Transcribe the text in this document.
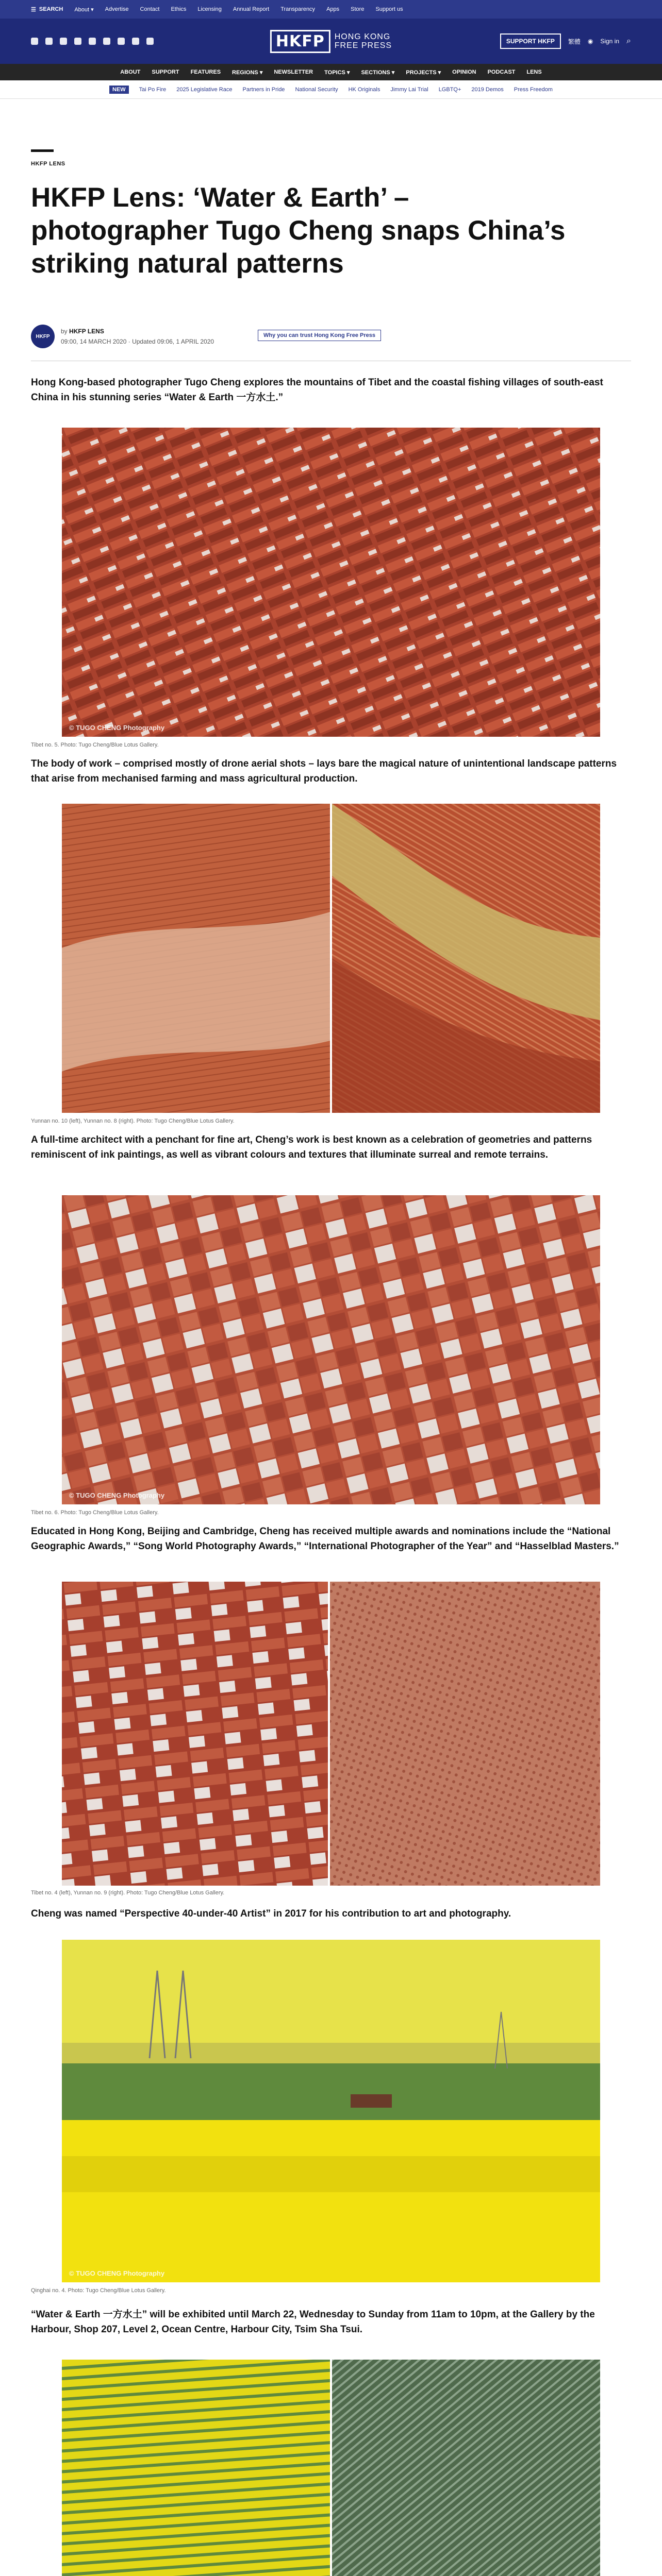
☰ SEARCH About ▾ Advertise Contact Ethics Licensing Annual Report Transparency Apps Store Support us
HKFP	HONG KONG
FREE PRESS	SUPPORT HKFP	繁體 ◉ Sign in ⌕
ABOUT SUPPORT FEATURES REGIONS ▾ NEWSLETTER TOPICS ▾ SECTIONS ▾ PROJECTS ▾ OPINION PODCAST LENS
NEW	Tai Po Fire 2025 Legislative Race Partners in Pride National Security HK Originals Jimmy Lai Trial LGBTQ+ 2019 Demos Press Freedom
HKFP LENS
HKFP Lens: ‘Water & Earth’ – photographer Tugo Cheng snaps China’s striking natural patterns
HKFP
by HKFP LENS
09:00, 14 MARCH 2020 · Updated 09:06, 1 APRIL 2020
Why you can trust Hong Kong Free Press
Hong Kong-based photographer Tugo Cheng explores the mountains of Tibet and the coastal fishing villages of south-east China in his stunning series “Water & Earth 一方水土.”
© TUGO CHENG Photography
Tibet no. 5. Photo: Tugo Cheng/Blue Lotus Gallery.
The body of work – comprised mostly of drone aerial shots – lays bare the magical nature of unintentional landscape patterns that arise from mechanised farming and mass agricultural production.
Yunnan no. 10 (left), Yunnan no. 8 (right). Photo: Tugo Cheng/Blue Lotus Gallery.
A full-time architect with a penchant for fine art, Cheng’s work is best known as a celebration of geometries and patterns reminiscent of ink paintings, as well as vibrant colours and textures that illuminate surreal and remote terrains.
© TUGO CHENG Photography
Tibet no. 6. Photo: Tugo Cheng/Blue Lotus Gallery.
Educated in Hong Kong, Beijing and Cambridge, Cheng has received multiple awards and nominations include the “National Geographic Awards,” “Song World Photography Awards,” “International Photographer of the Year” and “Hasselblad Masters.”
Tibet no. 4 (left), Yunnan no. 9 (right). Photo: Tugo Cheng/Blue Lotus Gallery.
Cheng was named “Perspective 40-under-40 Artist” in 2017 for his contribution to art and photography.
© TUGO CHENG Photography
Qinghai no. 4. Photo: Tugo Cheng/Blue Lotus Gallery.
“Water & Earth 一方水土” will be exhibited until March 22, Wednesday to Sunday from 11am to 10pm, at the Gallery by the Harbour, Shop 207, Level 2, Ocean Centre, Harbour City, Tsim Sha Tsui.
